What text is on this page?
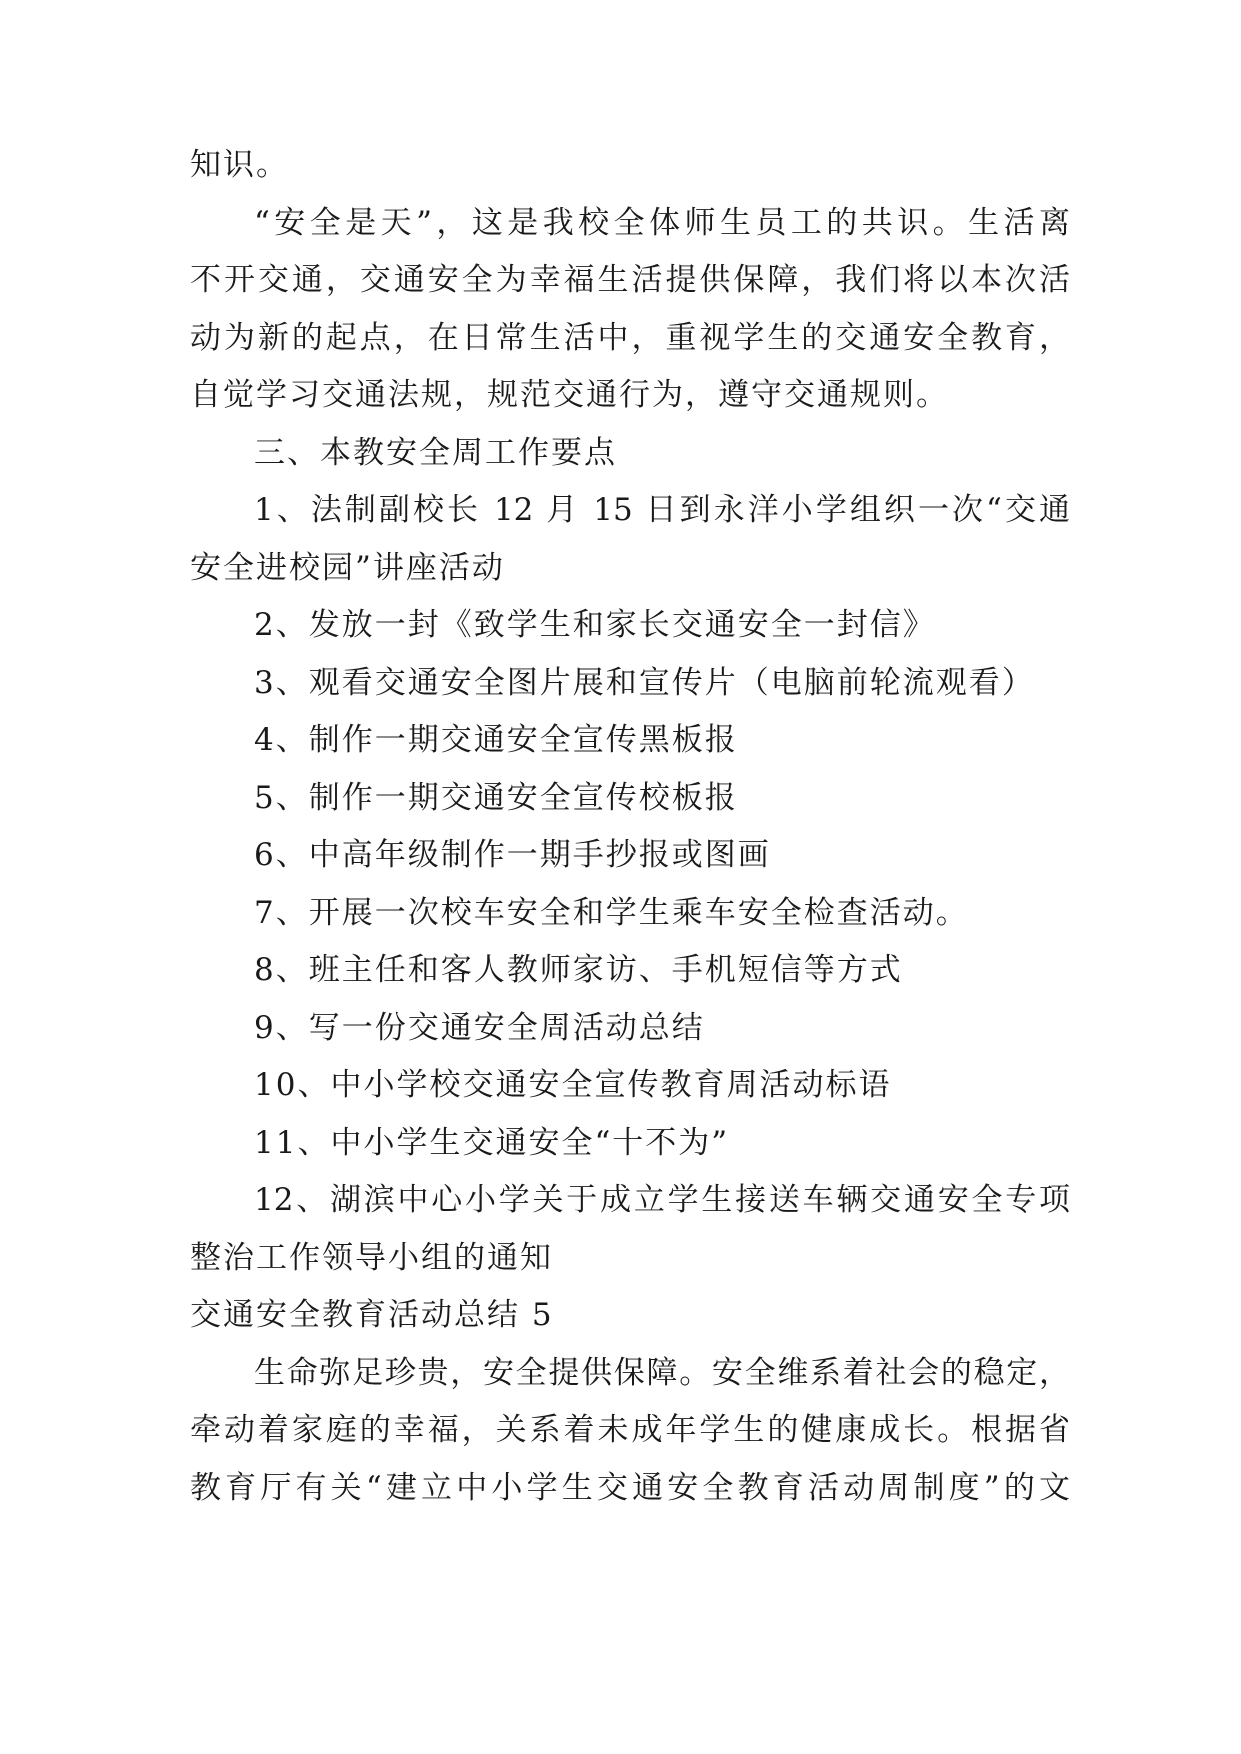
知识。
“安全是天”，这是我校全体师生员工的共识。生活离
不开交通，交通安全为幸福生活提供保障，我们将以本次活
动为新的起点，在日常生活中，重视学生的交通安全教育，
自觉学习交通法规，规范交通行为，遵守交通规则。
三、本教安全周工作要点
1、法制副校长 12 月 15 日到永洋小学组织一次“交通
安全进校园”讲座活动
2、发放一封《致学生和家长交通安全一封信》
3、观看交通安全图片展和宣传片（电脑前轮流观看）
4、制作一期交通安全宣传黑板报
5、制作一期交通安全宣传校板报
6、中高年级制作一期手抄报或图画
7、开展一次校车安全和学生乘车安全检查活动。
8、班主任和客人教师家访、手机短信等方式
9、写一份交通安全周活动总结
10、中小学校交通安全宣传教育周活动标语
11、中小学生交通安全“十不为”
12、湖滨中心小学关于成立学生接送车辆交通安全专项
整治工作领导小组的通知
交通安全教育活动总结 5
生命弥足珍贵，安全提供保障。安全维系着社会的稳定，
牵动着家庭的幸福，关系着未成年学生的健康成长。根据省
教育厅有关“建立中小学生交通安全教育活动周制度”的文
